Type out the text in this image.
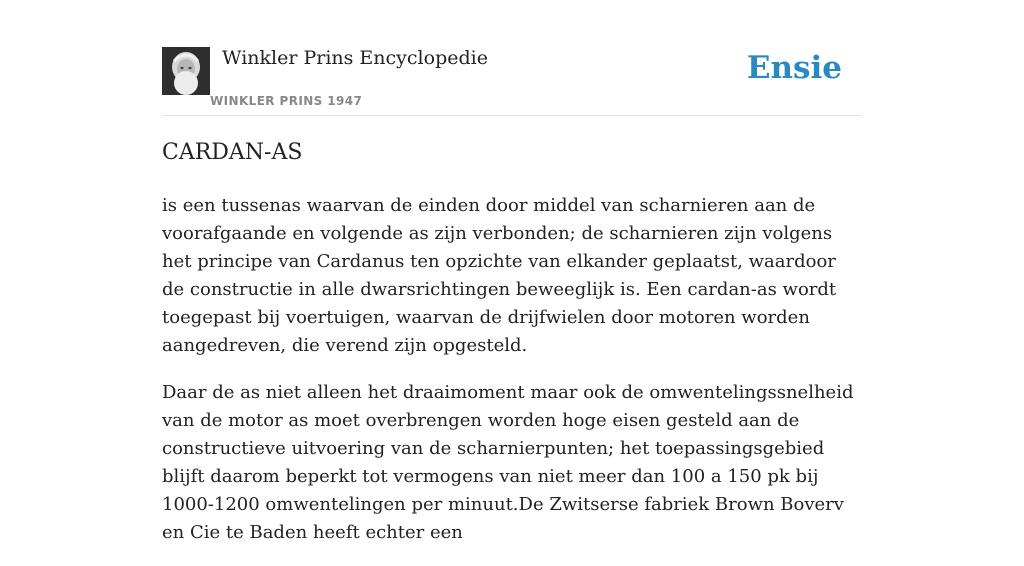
Winkler Prins Encyclopedie
WINKLER PRINS 1947
Ensie
CARDAN-AS

is een tussenas waarvan de einden door middel van scharnieren aan de voorafgaande en volgende as zijn verbonden; de scharnieren zijn volgens het principe van Cardanus ten opzichte van elkander geplaatst, waardoor de constructie in alle dwarsrichtingen beweeglijk is. Een cardan-as wordt toegepast bij voertuigen, waarvan de drijfwielen door motoren worden aangedreven, die verend zijn opgesteld.

Daar de as niet alleen het draaimoment maar ook de omwentelingssnelheid van de motor as moet overbrengen worden hoge eisen gesteld aan de constructieve uitvoering van de scharnierpunten; het toepassingsgebied blijft daarom beperkt tot vermogens van niet meer dan 100 a 150 pk bij 1000-1200 omwentelingen per minuut.De Zwitserse fabriek Brown Boverv en Cie te Baden heeft echter een
